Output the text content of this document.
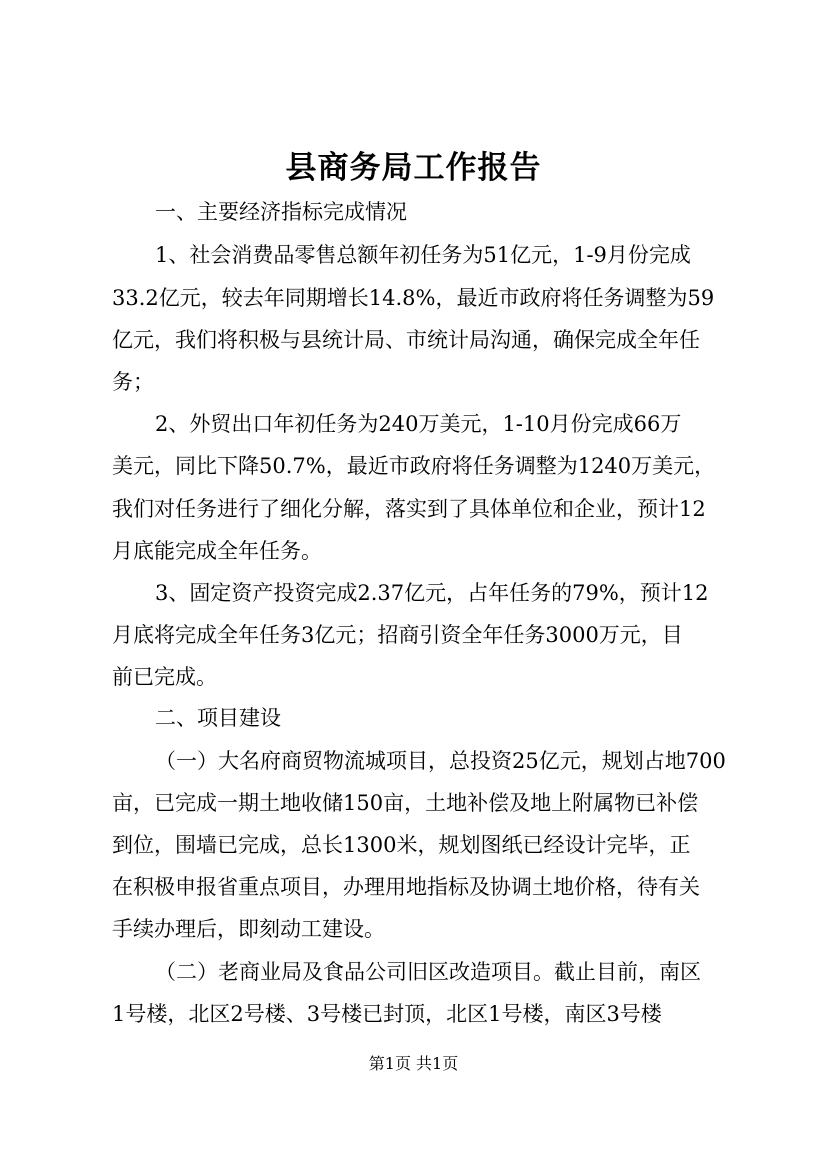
县商务局工作报告
一、主要经济指标完成情况
1、社会消费品零售总额年初任务为51亿元，1-9月份完成
33.2亿元，较去年同期增长14.8%，最近市政府将任务调整为59
亿元，我们将积极与县统计局、市统计局沟通，确保完成全年任
务；
2、外贸出口年初任务为240万美元，1-10月份完成66万
美元，同比下降50.7%，最近市政府将任务调整为1240万美元，
我们对任务进行了细化分解，落实到了具体单位和企业，预计12
月底能完成全年任务。
3、固定资产投资完成2.37亿元，占年任务的79%，预计12
月底将完成全年任务3亿元；招商引资全年任务3000万元，目
前已完成。
二、项目建设
（一）大名府商贸物流城项目，总投资25亿元，规划占地700
亩，已完成一期土地收储150亩，土地补偿及地上附属物已补偿
到位，围墙已完成，总长1300米，规划图纸已经设计完毕，正
在积极申报省重点项目，办理用地指标及协调土地价格，待有关
手续办理后，即刻动工建设。
（二）老商业局及食品公司旧区改造项目。截止目前，南区
1号楼，北区2号楼、3号楼已封顶，北区1号楼，南区3号楼
第1页 共1页
